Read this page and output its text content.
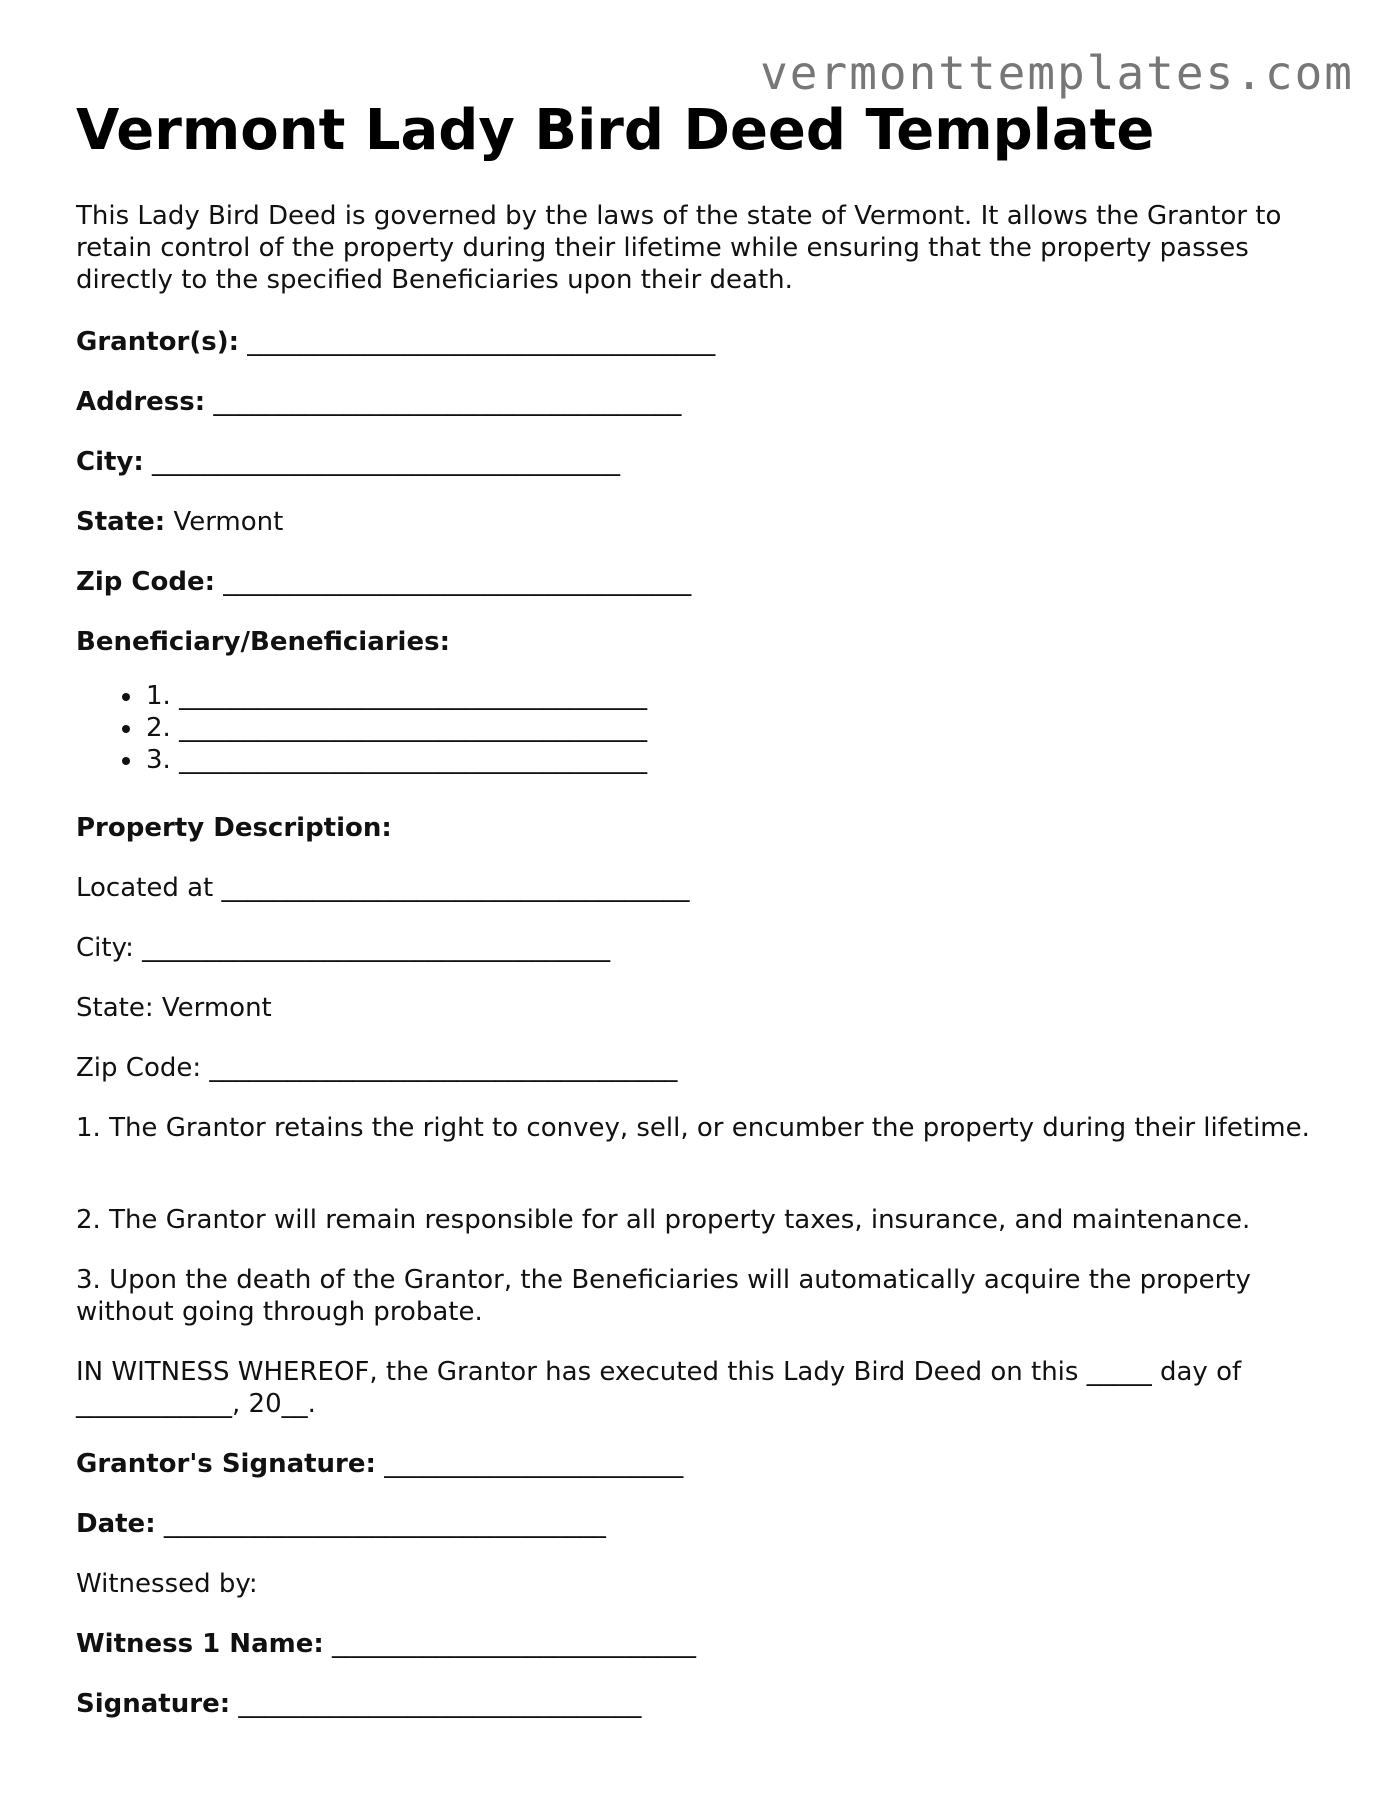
vermonttemplates.com
Vermont Lady Bird Deed Template
This Lady Bird Deed is governed by the laws of the state of Vermont. It allows the Grantor to retain control of the property during their lifetime while ensuring that the property passes directly to the specified Beneficiaries upon their death.
Grantor(s): ____________________________________
Address: ____________________________________
City: ____________________________________
State: Vermont
Zip Code: ____________________________________
Beneficiary/Beneficiaries:
• 1. ____________________________________
• 2. ____________________________________
• 3. ____________________________________
Property Description:
Located at ____________________________________
City: ____________________________________
State: Vermont
Zip Code: ____________________________________
1. The Grantor retains the right to convey, sell, or encumber the property during their lifetime.
2. The Grantor will remain responsible for all property taxes, insurance, and maintenance.
3. Upon the death of the Grantor, the Beneficiaries will automatically acquire the property without going through probate.
IN WITNESS WHEREOF, the Grantor has executed this Lady Bird Deed on this _____ day of ____________, 20__.
Grantor's Signature: _______________________
Date: __________________________________
Witnessed by:
Witness 1 Name: ____________________________
Signature: _______________________________
